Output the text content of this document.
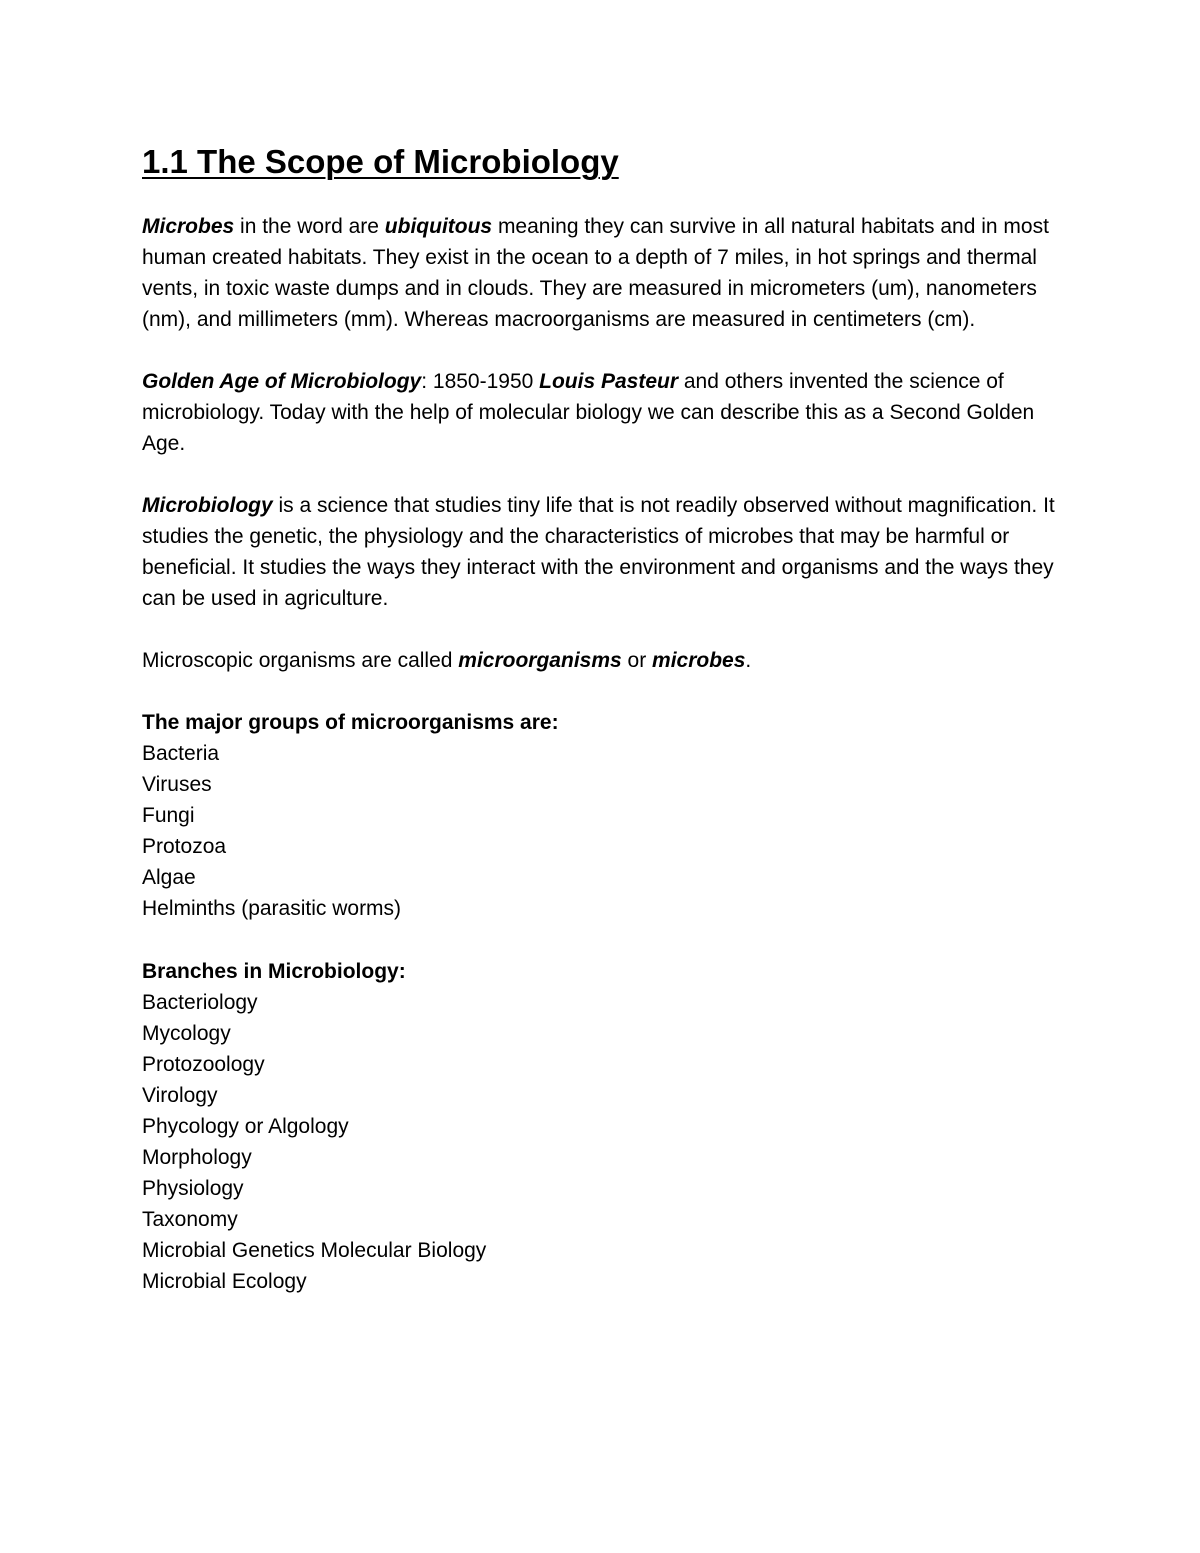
1.1 The Scope of Microbiology

Microbes in the word are ubiquitous meaning they can survive in all natural habitats and in most human created habitats. They exist in the ocean to a depth of 7 miles, in hot springs and thermal vents, in toxic waste dumps and in clouds. They are measured in micrometers (um), nanometers (nm), and millimeters (mm). Whereas macroorganisms are measured in centimeters (cm).

Golden Age of Microbiology: 1850-1950 Louis Pasteur and others invented the science of microbiology. Today with the help of molecular biology we can describe this as a Second Golden Age.

Microbiology is a science that studies tiny life that is not readily observed without magnification. It studies the genetic, the physiology and the characteristics of microbes that may be harmful or beneficial. It studies the ways they interact with the environment and organisms and the ways they can be used in agriculture.

Microscopic organisms are called microorganisms or microbes.

The major groups of microorganisms are:

Bacteria
Viruses
Fungi
Protozoa
Algae
Helminths (parasitic worms)

Branches in Microbiology:

Bacteriology
Mycology
Protozoology
Virology
Phycology or Algology
Morphology
Physiology
Taxonomy
Microbial Genetics Molecular Biology
Microbial Ecology
